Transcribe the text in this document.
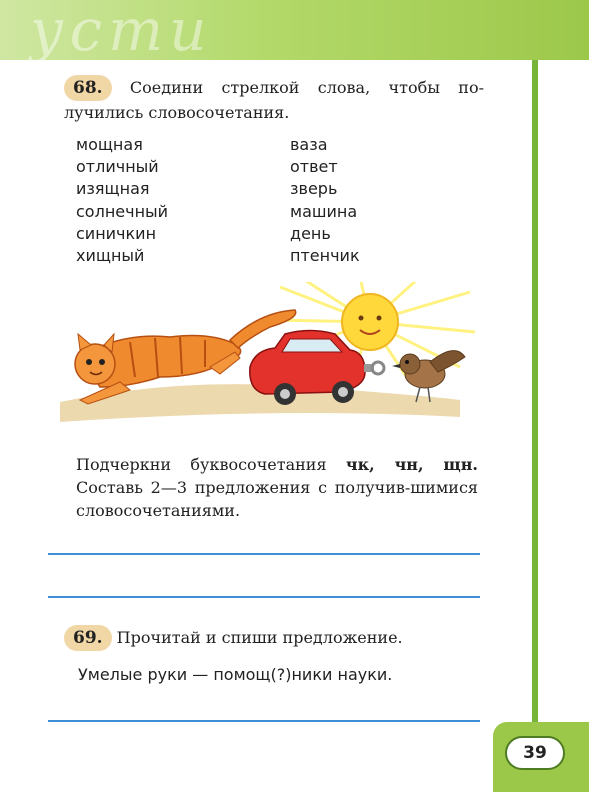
усти
68. Соедини стрелкой слова, чтобы по-лучились словосочетания.
мощная
отличный
изящная
солнечный
синичкин
хищный
ваза
ответ
зверь
машина
день
птенчик
Подчеркни буквосочетания чк, чн, щн. Составь 2—3 предложения с получив-шимися словосочетаниями.
69. Прочитай и спиши предложение.
Умелые руки — помощ(?)ники науки.
39
